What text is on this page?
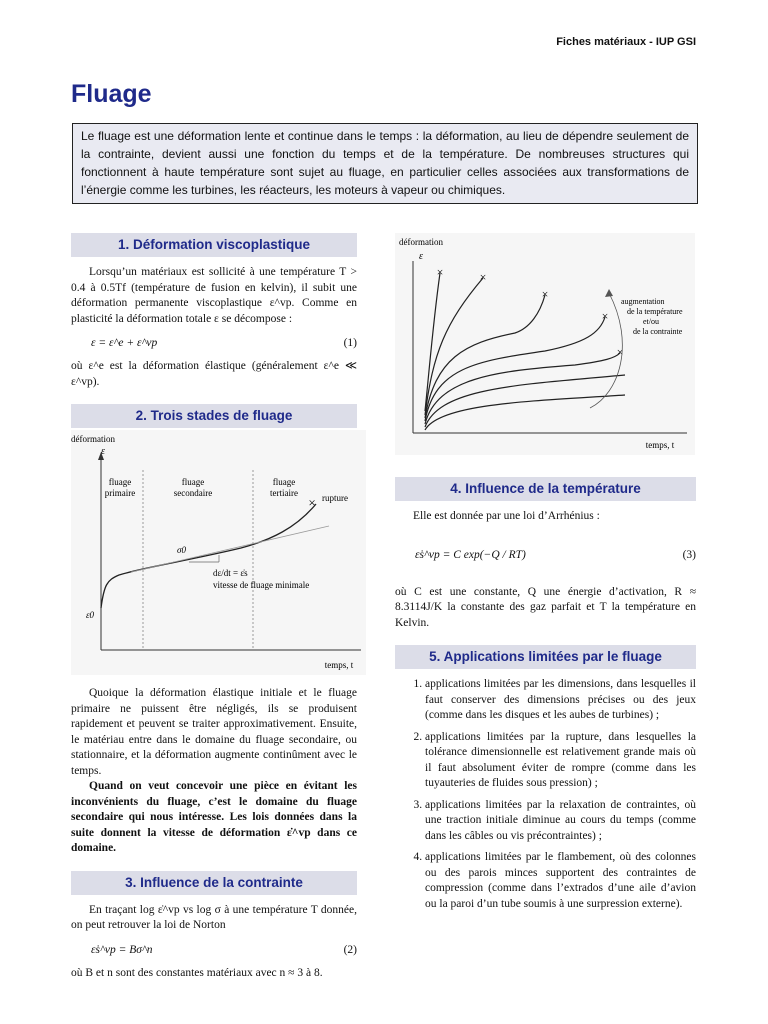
Fiches matériaux - IUP GSI
Fluage
Le fluage est une déformation lente et continue dans le temps : la déformation, au lieu de dépendre seulement de la contrainte, devient aussi une fonction du temps et de la température. De nombreuses structures qui fonctionnent à haute température sont sujet au fluage, en particulier celles associées aux transformations de l’énergie comme les turbines, les réacteurs, les moteurs à vapeur ou chimiques.
1. Déformation viscoplastique

Lorsqu’un matériaux est sollicité à une température T > 0.4 à 0.5Tf (température de fusion en kelvin), il subit une déformation permanente viscoplastique ε^vp. Comme en plasticité la déformation totale ε se décompose :

ε = ε^e + ε^vp	(1)

où ε^e est la déformation élastique (généralement ε^e ≪ ε^vp).

2. Trois stades de fluage
déformation
ε
fluage
primaire
fluage
secondaire
fluage
tertiaire
× rupture
σ0
dε/dt = ε̇s
vitesse de fluage minimale
ε0
temps, t

Quoique la déformation élastique initiale et le fluage primaire ne puissent être négligés, ils se produisent rapidement et peuvent se traiter approximativement. Ensuite, le matériau entre dans le domaine du fluage secondaire, ou stationnaire, et la déformation augmente continûment avec le temps.

Quand on veut concevoir une pièce en évitant les inconvénients du fluage, c’est le domaine du fluage secondaire qui nous intéresse. Les lois données dans la suite donnent la vitesse de déformation ε̇^vp dans ce domaine.

3. Influence de la contrainte

En traçant log ε̇^vp vs log σ à une température T donnée, on peut retrouver la loi de Norton

ε̇s^vp = Bσ^n	(2)

où B et n sont des constantes matériaux avec n ≈ 3 à 8.

déformation
ε
×	×
×
×
×
augmentation
de la température
et/ou
de la contrainte
temps, t
4. Influence de la température

Elle est donnée par une loi d’Arrhénius :

ε̇s^vp = C exp(−Q / RT)	(3)

où C est une constante, Q une énergie d’activation, R ≈ 8.3114J/K la constante des gaz parfait et T la température en Kelvin.

5. Applications limitées par le fluage
1. applications limitées par les dimensions, dans lesquelles il faut conserver des dimensions précises ou des jeux (comme dans les disques et les aubes de turbines) ;
2. applications limitées par la rupture, dans lesquelles la tolérance dimensionnelle est relativement grande mais où il faut absolument éviter de rompre (comme dans les tuyauteries de fluides sous pression) ;
3. applications limitées par la relaxation de contraintes, où une traction initiale diminue au cours du temps (comme dans les câbles ou vis précontraintes) ;
4. applications limitées par le flambement, où des colonnes ou des parois minces supportent des contraintes de compression (comme dans l’extrados d’une aile d’avion ou la paroi d’un tube soumis à une surpression externe).
